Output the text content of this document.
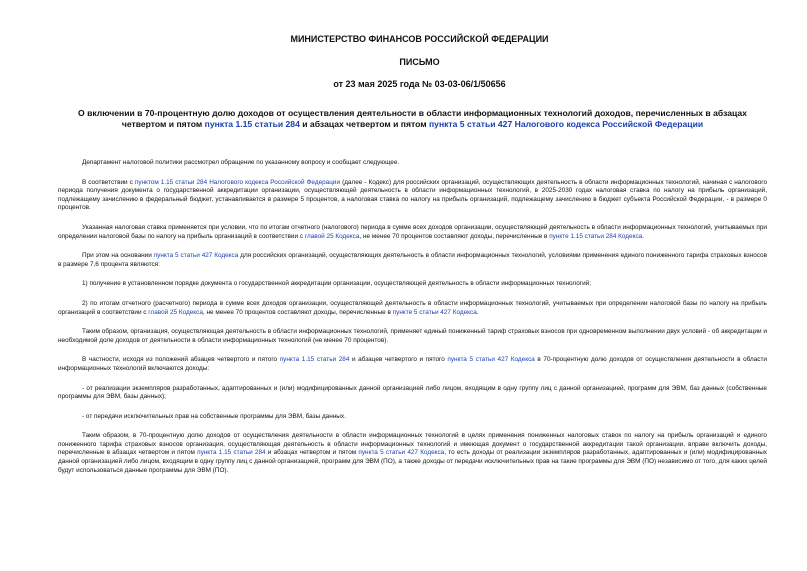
МИНИСТЕРСТВО ФИНАНСОВ РОССИЙСКОЙ ФЕДЕРАЦИИ
ПИСЬМО
от 23 мая 2025 года № 03-03-06/1/50656
О включении в 70-процентную долю доходов от осуществления деятельности в области информационных технологий доходов, перечисленных в абзацах четвертом и пятом пункта 1.15 статьи 284 и абзацах четвертом и пятом пункта 5 статьи 427 Налогового кодекса Российской Федерации

Департамент налоговой политики рассмотрел обращение по указанному вопросу и сообщает следующее.

В соответствии с пунктом 1.15 статьи 284 Налогового кодекса Российской Федерации (далее - Кодекс) для российских организаций, осуществляющих деятельность в области информационных технологий, начиная с налогового периода получения документа о государственной аккредитации организации, осуществляющей деятельность в области информационных технологий, в 2025-2030 годах налоговая ставка по налогу на прибыль организаций, подлежащему зачислению в федеральный бюджет, устанавливается в размере 5 процентов, а налоговая ставка по налогу на прибыль организаций, подлежащему зачислению в бюджет субъекта Российской Федерации, - в размере 0 процентов.

Указанная налоговая ставка применяется при условии, что по итогам отчетного (налогового) периода в сумме всех доходов организации, осуществляющей деятельность в области информационных технологий, учитываемых при определении налоговой базы по налогу на прибыль организаций в соответствии с главой 25 Кодекса, не менее 70 процентов составляют доходы, перечисленные в пункте 1.15 статьи 284 Кодекса.

При этом на основании пункта 5 статьи 427 Кодекса для российских организаций, осуществляющих деятельность в области информационных технологий, условиями применения единого пониженного тарифа страховых взносов в размере 7,6 процента являются:

1) получение в установленном порядке документа о государственной аккредитации организации, осуществляющей деятельность в области информационных технологий;

2) по итогам отчетного (расчетного) периода в сумме всех доходов организации, осуществляющей деятельность в области информационных технологий, учитываемых при определении налоговой базы по налогу на прибыль организаций в соответствии с главой 25 Кодекса, не менее 70 процентов составляют доходы, перечисленные в пункте 5 статьи 427 Кодекса.

Таким образом, организация, осуществляющая деятельность в области информационных технологий, применяет единый пониженный тариф страховых взносов при одновременном выполнении двух условий - об аккредитации и необходимой доле доходов от деятельности в области информационных технологий (не менее 70 процентов).

В частности, исходя из положений абзацев четвертого и пятого пункта 1.15 статьи 284 и абзацев четвертого и пятого пункта 5 статьи 427 Кодекса в 70-процентную долю доходов от осуществления деятельности в области информационных технологий включаются доходы:

- от реализации экземпляров разработанных, адаптированных и (или) модифицированных данной организацией либо лицом, входящим в одну группу лиц с данной организацией, программ для ЭВМ, баз данных (собственные программы для ЭВМ, базы данных);

- от передачи исключительных прав на собственные программы для ЭВМ, базы данных.

Таким образом, в 70-процентную долю доходов от осуществления деятельности в области информационных технологий в целях применения пониженных налоговых ставок по налогу на прибыль организаций и единого пониженного тарифа страховых взносов организация, осуществляющая деятельность в области информационных технологий и имеющая документ о государственной аккредитации такой организации, вправе включить доходы, перечисленные в абзацах четвертом и пятом пункта 1.15 статьи 284 и абзацах четвертом и пятом пункта 5 статьи 427 Кодекса, то есть доходы от реализации экземпляров разработанных, адаптированных и (или) модифицированных данной организацией либо лицом, входящим в одну группу лиц с данной организацией, программ для ЭВМ (ПО), а также доходы от передачи исключительных прав на такие программы для ЭВМ (ПО) независимо от того, для каких целей будут использоваться данные программы для ЭВМ (ПО).
